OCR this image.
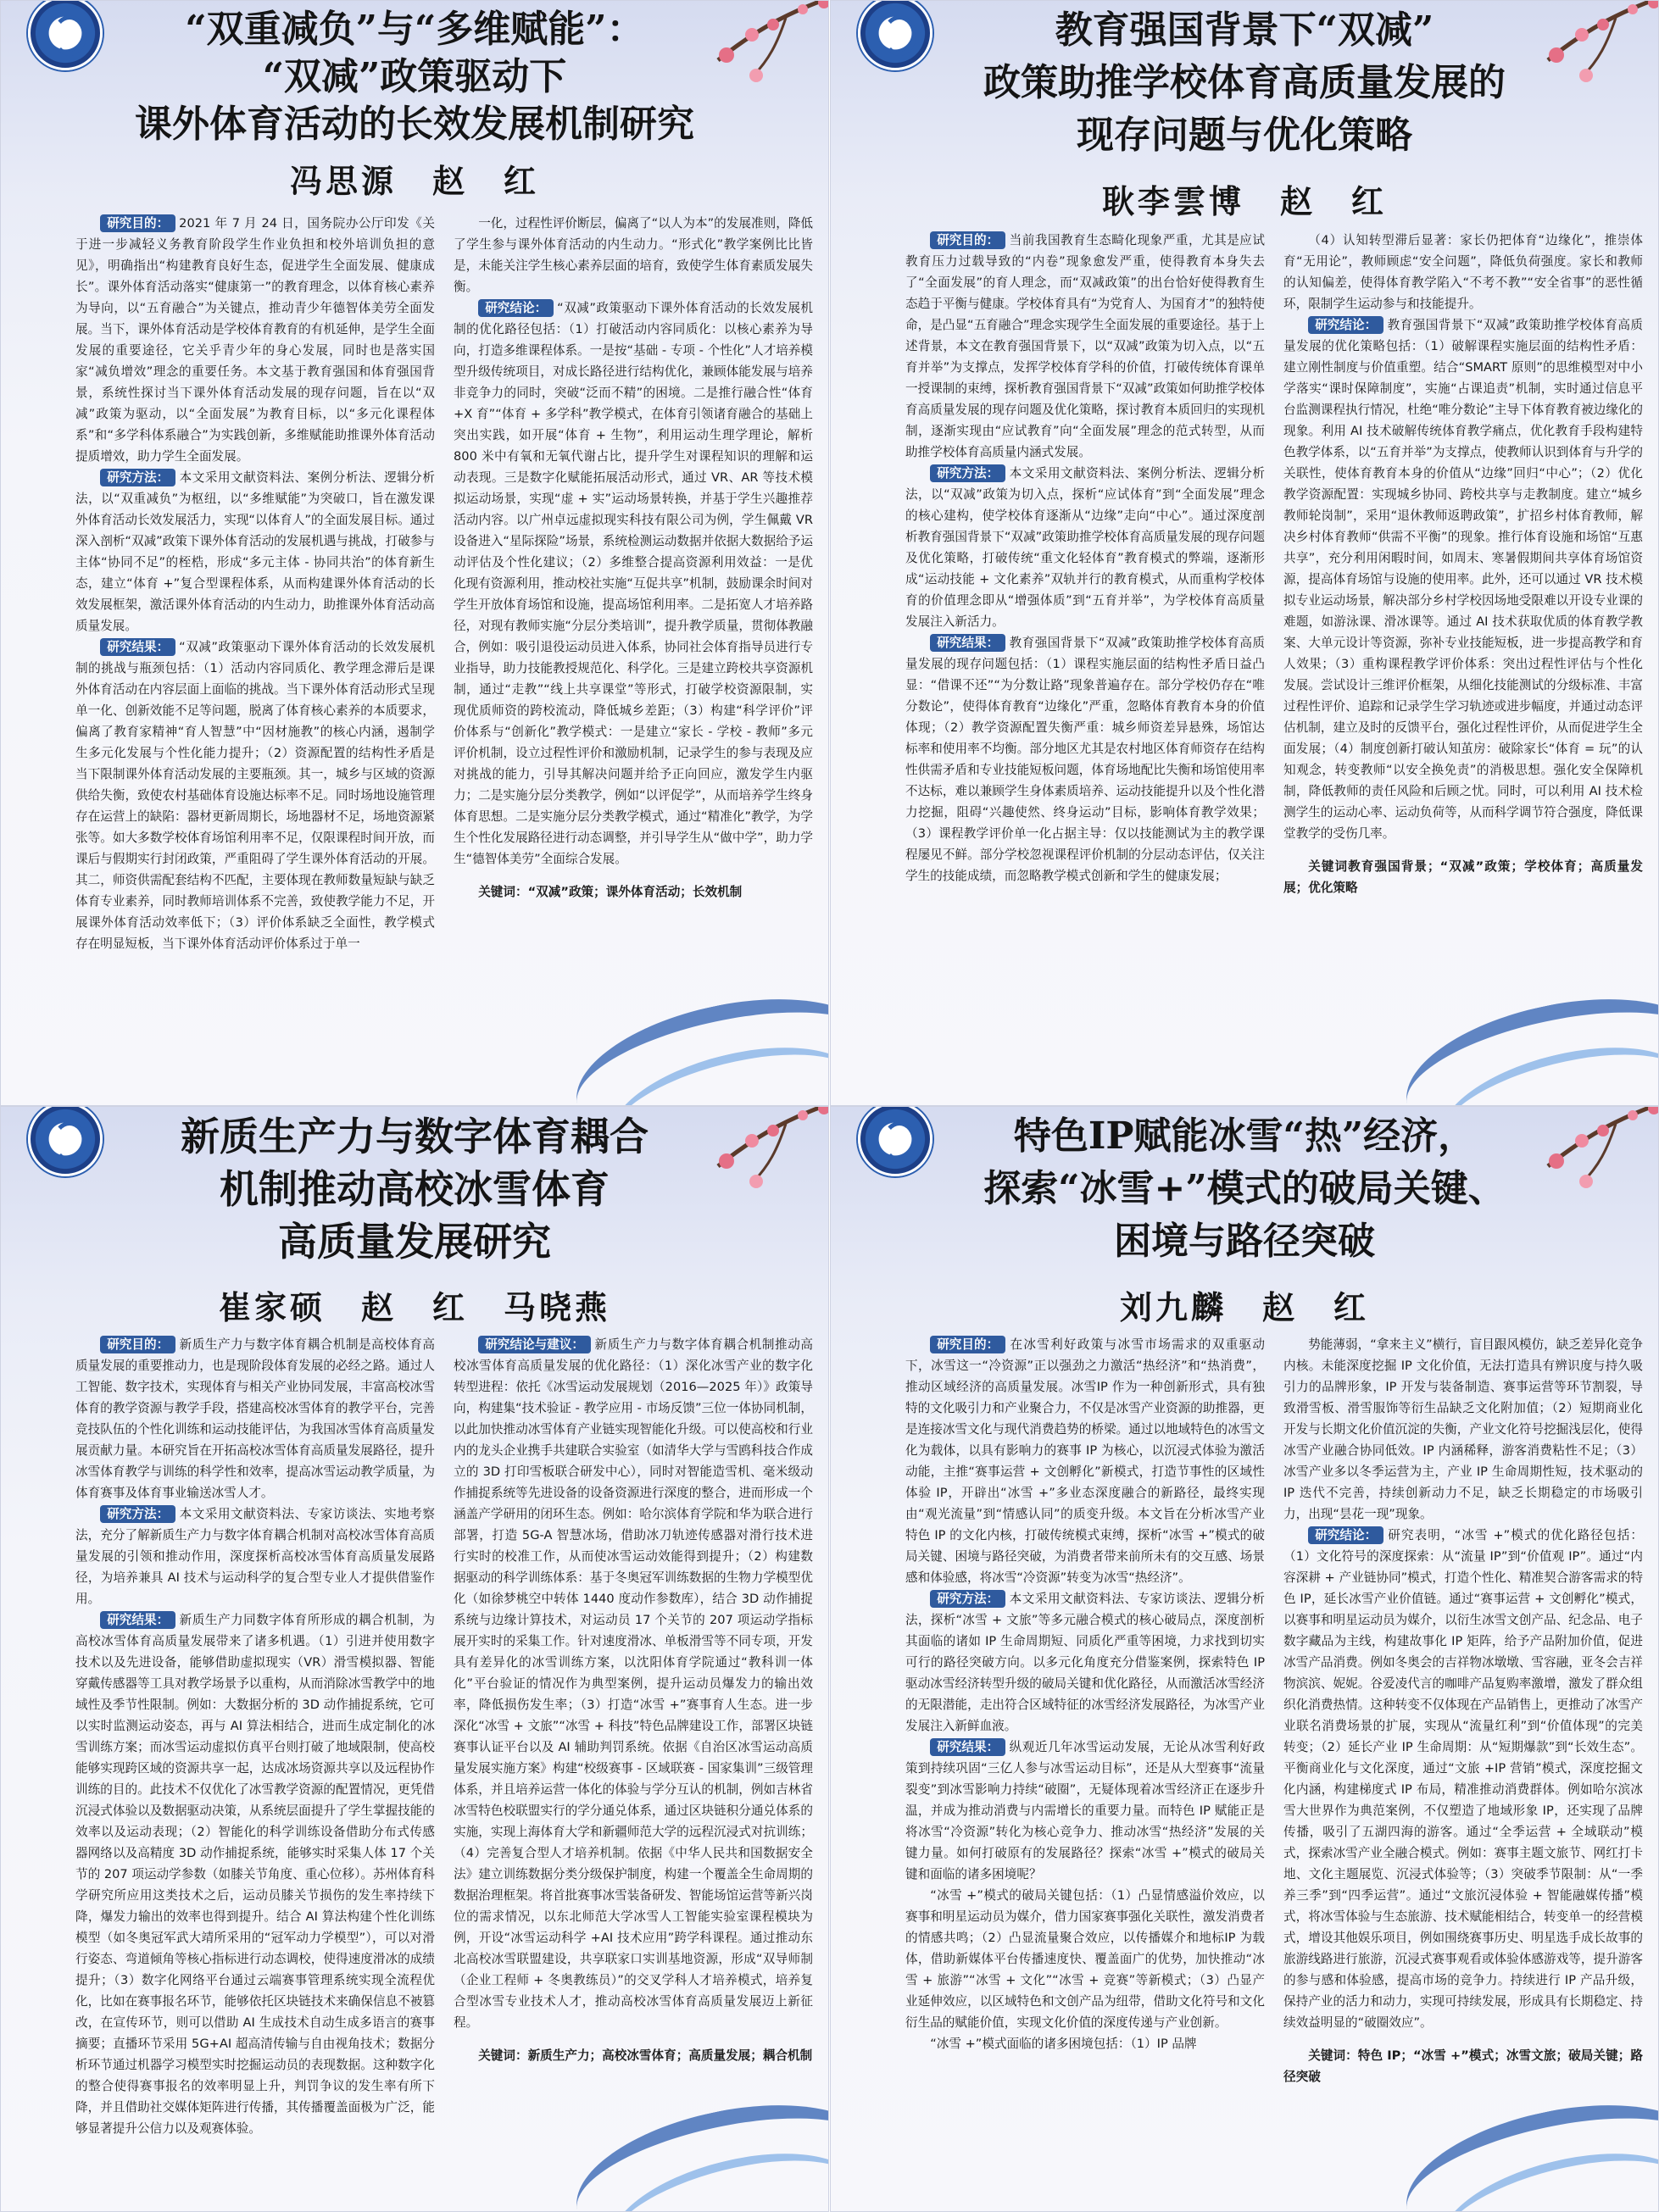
“双重减负”与“多维赋能”：
“双减”政策驱动下
课外体育活动的长效发展机制研究
冯思源　赵　红

研究目的： 2021 年 7 月 24 日，国务院办公厅印发《关于进一步减轻义务教育阶段学生作业负担和校外培训负担的意见》，明确指出“构建教育良好生态，促进学生全面发展、健康成长”。课外体育活动落实“健康第一”的教育理念，以体育核心素养为导向，以“五育融合”为关键点，推动青少年德智体美劳全面发展。当下，课外体育活动是学校体育教育的有机延伸，是学生全面发展的重要途径，它关乎青少年的身心发展，同时也是落实国家“减负增效”理念的重要任务。本文基于教育强国和体育强国背景，系统性探讨当下课外体育活动发展的现存问题，旨在以“双减”政策为驱动，以“全面发展”为教育目标，以“多元化课程体系”和“多学科体系融合”为实践创新，多维赋能助推课外体育活动提质增效，助力学生全面发展。

研究方法： 本文采用文献资料法、案例分析法、逻辑分析法，以“双重减负”为枢纽，以“多维赋能”为突破口，旨在激发课外体育活动长效发展活力，实现“以体育人”的全面发展目标。通过深入剖析“双减”政策下课外体育活动的发展机遇与挑战，打破参与主体“协同不足”的桎梏，形成“多元主体 - 协同共治”的体育新生态，建立“体育 +”复合型课程体系，从而构建课外体育活动的长效发展框架，激活课外体育活动的内生动力，助推课外体育活动高质量发展。

研究结果： “双减”政策驱动下课外体育活动的长效发展机制的挑战与瓶颈包括：（1）活动内容同质化、教学理念滞后是课外体育活动在内容层面上面临的挑战。当下课外体育活动形式呈现单一化、创新效能不足等问题，脱离了体育核心素养的本质要求，偏离了教育家精神“育人智慧”中“因材施教”的核心内涵，遏制学生多元化发展与个性化能力提升；（2）资源配置的结构性矛盾是当下限制课外体育活动发展的主要瓶颈。其一，城乡与区域的资源供给失衡，致使农村基础体育设施达标率不足。同时场地设施管理存在运营上的缺陷：器材更新周期长，场地器材不足，场地资源紧张等。如大多数学校体育场馆利用率不足，仅限课程时间开放，而课后与假期实行封闭政策，严重阻碍了学生课外体育活动的开展。其二，师资供需配套结构不匹配，主要体现在教师数量短缺与缺乏体育专业素养，同时教师培训体系不完善，致使教学能力不足，开展课外体育活动效率低下；（3）评价体系缺乏全面性，教学模式存在明显短板，当下课外体育活动评价体系过于单一

一化，过程性评价断层，偏离了“以人为本”的发展准则，降低了学生参与课外体育活动的内生动力。“形式化”教学案例比比皆是，未能关注学生核心素养层面的培育，致使学生体育素质发展失衡。

研究结论： “双减”政策驱动下课外体育活动的长效发展机制的优化路径包括：（1）打破活动内容同质化：以核心素养为导向，打造多维课程体系。一是按“基础 - 专项 - 个性化”人才培养模型升级传统项目，对成长路径进行结构优化，兼顾体能发展与培养非竞争力的同时，突破“泛而不精”的困境。二是推行融合性“体育 +X 育”“体育 + 多学科”教学模式，在体育引领诸育融合的基础上突出实践，如开展“体育 + 生物”，利用运动生理学理论，解析 800 米中有氧和无氧代谢占比，提升学生对课程知识的理解和运动表现。三是数字化赋能拓展活动形式，通过 VR、AR 等技术模拟运动场景，实现“虚 + 实”运动场景转换，并基于学生兴趣推荐活动内容。以广州卓远虚拟现实科技有限公司为例，学生佩戴 VR 设备进入“星际探险”场景，系统检测运动数据并依据大数据给予运动评估及个性化建议；（2）多维整合提高资源利用效益：一是优化现有资源利用，推动校社实施“互促共享”机制，鼓励课余时间对学生开放体育场馆和设施，提高场馆利用率。二是拓宽人才培养路径，对现有教师实施“分层分类培训”，提升教学质量，贯彻体教融合，例如：吸引退役运动员进入体系，协同社会体育指导员进行专业指导，助力技能教授规范化、科学化。三是建立跨校共享资源机制，通过“走教”“线上共享课堂”等形式，打破学校资源限制，实现优质师资的跨校流动，降低城乡差距；（3）构建“科学评价”评价体系与“创新化”教学模式：一是建立“家长 - 学校 - 教师”多元评价机制，设立过程性评价和激励机制，记录学生的参与表现及应对挑战的能力，引导其解决问题并给予正向回应，激发学生内驱力；二是实施分层分类教学，例如“以评促学”，从而培养学生终身体育思想。二是实施分层分类教学模式，通过“精准化”教学，为学生个性化发展路径进行动态调整，并引导学生从“做中学”，助力学生“德智体美劳”全面综合发展。

关键词：“双减”政策；课外体育活动；长效机制

教育强国背景下“双减”
政策助推学校体育高质量发展的
现存问题与优化策略
耿李雲博　赵　红

研究目的： 当前我国教育生态畸化现象严重，尤其是应试教育压力过载导致的“内卷”现象愈发严重，使得教育本身失去了“全面发展”的育人理念，而“双减政策”的出台恰好使得教育生态趋于平衡与健康。学校体育具有“为党育人、为国育才”的独特使命，是凸显“五育融合”理念实现学生全面发展的重要途径。基于上述背景，本文在教育强国背景下，以“双减”政策为切入点，以“五育并举”为支撑点，发挥学校体育学科的价值，打破传统体育课单一授课制的束缚，探析教育强国背景下“双减”政策如何助推学校体育高质量发展的现存问题及优化策略，探讨教育本质回归的实现机制，逐渐实现由“应试教育”向“全面发展”理念的范式转型，从而助推学校体育高质量内涵式发展。

研究方法： 本文采用文献资料法、案例分析法、逻辑分析法，以“双减”政策为切入点，探析“应试体育”到“全面发展”理念的核心建构，使学校体育逐渐从“边缘”走向“中心”。通过深度剖析教育强国背景下“双减”政策助推学校体育高质量发展的现存问题及优化策略，打破传统“重文化轻体育”教育模式的弊端，逐渐形成“运动技能 + 文化素养”双轨并行的教育模式，从而重构学校体育的价值理念即从“增强体质”到“五育并举”，为学校体育高质量发展注入新活力。

研究结果： 教育强国背景下“双减”政策助推学校体育高质量发展的现存问题包括：（1）课程实施层面的结构性矛盾日益凸显：“借课不还”“为分数让路”现象普遍存在。部分学校仍存在“唯分数论”，使得体育教育“边缘化”严重，忽略体育教育本身的价值体现；（2）教学资源配置失衡严重：城乡师资差异悬殊，场馆达标率和使用率不均衡。部分地区尤其是农村地区体育师资存在结构性供需矛盾和专业技能短板问题，体育场地配比失衡和场馆使用率不达标，难以兼顾学生身体素质培养、运动技能提升以及个性化潜力挖掘，阻碍“兴趣使然、终身运动”目标，影响体育教学效果；（3）课程教学评价单一化占据主导：仅以技能测试为主的教学课程屡见不鲜。部分学校忽视课程评价机制的分层动态评估，仅关注学生的技能成绩，而忽略教学模式创新和学生的健康发展；

（4）认知转型滞后显著：家长仍把体育“边缘化”，推崇体育“无用论”，教师顾虑“安全问题”，降低负荷强度。家长和教师的认知偏差，使得体育教学陷入“不考不教”“安全省事”的恶性循环，限制学生运动参与和技能提升。

研究结论： 教育强国背景下“双减”政策助推学校体育高质量发展的优化策略包括：（1）破解课程实施层面的结构性矛盾：建立刚性制度与价值重塑。结合“SMART 原则”的思维模型对中小学落实“课时保障制度”，实施“占课追责”机制，实时通过信息平台监测课程执行情况，杜绝“唯分数论”主导下体育教育被边缘化的现象。利用 AI 技术破解传统体育教学痛点，优化教育手段构建特色教学体系，以“五育并举”为支撑点，使教师认识到体育与升学的关联性，使体育教育本身的价值从“边缘”回归“中心”；（2）优化教学资源配置：实现城乡协同、跨校共享与走教制度。建立“城乡教师轮岗制”，采用“退休教师返聘政策”，扩招乡村体育教师，解决乡村体育教师“供需不平衡”的现象。推行体育设施和场馆“互惠共享”，充分利用闲暇时间，如周末、寒暑假期间共享体育场馆资源，提高体育场馆与设施的使用率。此外，还可以通过 VR 技术模拟专业运动场景，解决部分乡村学校因场地受限难以开设专业课的难题，如游泳课、滑冰课等。通过 AI 技术获取优质的体育教学教案、大单元设计等资源，弥补专业技能短板，进一步提高教学和育人效果；（3）重构课程教学评价体系：突出过程性评估与个性化发展。尝试设计三维评价框架，从细化技能测试的分级标准、丰富过程性评价、追踪和记录学生学习轨迹或进步幅度，并通过动态评估机制，建立及时的反馈平台，强化过程性评价，从而促进学生全面发展；（4）制度创新打破认知茧房：破除家长“体育 = 玩”的认知观念，转变教师“以安全换免责”的消极思想。强化安全保障机制，降低教师的责任风险和后顾之忧。同时，可以利用 AI 技术检测学生的运动心率、运动负荷等，从而科学调节符合强度，降低课堂教学的受伤几率。

关键词教育强国背景；“双减”政策；学校体育；高质量发展；优化策略

新质生产力与数字体育耦合
机制推动高校冰雪体育
高质量发展研究
崔家硕　赵　红　马晓燕

研究目的： 新质生产力与数字体育耦合机制是高校体育高质量发展的重要推动力，也是现阶段体育发展的必经之路。通过人工智能、数字技术，实现体育与相关产业协同发展，丰富高校冰雪体育的教学资源与教学手段，搭建高校冰雪体育的教学平台，完善竞技队伍的个性化训练和运动技能评估，为我国冰雪体育高质量发展贡献力量。本研究旨在开拓高校冰雪体育高质量发展路径，提升冰雪体育教学与训练的科学性和效率，提高冰雪运动教学质量，为体育赛事及体育事业输送冰雪人才。

研究方法： 本文采用文献资料法、专家访谈法、实地考察法，充分了解新质生产力与数字体育耦合机制对高校冰雪体育高质量发展的引领和推动作用，深度探析高校冰雪体育高质量发展路径，为培养兼具 AI 技术与运动科学的复合型专业人才提供借鉴作用。

研究结果： 新质生产力同数字体育所形成的耦合机制，为高校冰雪体育高质量发展带来了诸多机遇。（1）引进并使用数字技术以及先进设备，能够借助虚拟现实（VR）滑雪模拟器、智能穿戴传感器等工具对教学场景予以重构，从而消除冰雪教学中的地域性及季节性限制。例如：大数据分析的 3D 动作捕捉系统，它可以实时监测运动姿态，再与 AI 算法相结合，进而生成定制化的冰雪训练方案；而冰雪运动虚拟仿真平台则打破了地域限制，使高校能够实现跨区域的资源共享一起，达成冰场资源共享以及远程协作训练的目的。此技术不仅优化了冰雪教学资源的配置情况，更凭借沉浸式体验以及数据驱动决策，从系统层面提升了学生掌握技能的效率以及运动表现；（2）智能化的科学训练设备借助分布式传感器网络以及高精度 3D 动作捕捉系统，能够实时采集人体 17 个关节的 207 项运动学参数（如膝关节角度、重心位移）。苏州体育科学研究所应用这类技术之后，运动员膝关节损伤的发生率持续下降，爆发力输出的效率也得到提升。结合 AI 算法构建个性化训练模型（如冬奥冠军武大靖所采用的“冠军动力学模型”），可以对滑行姿态、弯道倾角等核心指标进行动态调校，使得速度滑冰的成绩提升；（3）数字化网络平台通过云端赛事管理系统实现全流程优化，比如在赛事报名环节，能够依托区块链技术来确保信息不被篡改，在宣传环节，则可以借助 AI 生成技术自动生成多语言的赛事摘要；直播环节采用 5G+AI 超高清传输与自由视角技术；数据分析环节通过机器学习模型实时挖掘运动员的表现数据。这种数字化的整合使得赛事报名的效率明显上升，判罚争议的发生率有所下降，并且借助社交媒体矩阵进行传播，其传播覆盖面极为广泛，能够显著提升公信力以及观赛体验。

研究结论与建议： 新质生产力与数字体育耦合机制推动高校冰雪体育高质量发展的优化路径：（1）深化冰雪产业的数字化转型进程：依托《冰雪运动发展规划（2016—2025 年）》政策导向，构建集“技术验证 - 教学应用 - 市场反馈”三位一体协同机制，以此加快推动冰雪体育产业链实现智能化升级。可以使高校和行业内的龙头企业携手共建联合实验室（如清华大学与雪鸥科技合作成立的 3D 打印雪板联合研发中心），同时对智能造雪机、毫米级动作捕捉系统等先进设备的设备资源进行深度的整合，进而形成一个涵盖产学研用的闭环生态。例如：哈尔滨体育学院和华为联合进行部署，打造 5G-A 智慧冰场，借助冰刀轨迹传感器对滑行技术进行实时的校准工作，从而使冰雪运动效能得到提升；（2）构建数据驱动的科学训练体系：基于冬奥冠军训练数据的生物力学模型优化（如徐梦桃空中转体 1440 度动作参数库），结合 3D 动作捕捉系统与边缘计算技术，对运动员 17 个关节的 207 项运动学指标展开实时的采集工作。针对速度滑冰、单板滑雪等不同专项，开发具有差异化的冰雪训练方案，以沈阳体育学院通过“教科训一体化”平台验证的情况作为典型案例，提升运动员爆发力的输出效率，降低损伤发生率；（3）打造“冰雪 +”赛事育人生态。进一步深化“冰雪 + 文旅”“冰雪 + 科技”特色品牌建设工作，部署区块链赛事认证平台以及 AI 辅助判罚系统。依据《自治区冰雪运动高质量发展实施方案》构建“校级赛事 - 区域联赛 - 国家集训”三级管理体系，并且培养运营一体化的体验与学分互认的机制，例如吉林省冰雪特色校联盟实行的学分通兑体系，通过区块链积分通兑体系的实施，实现上海体育大学和新疆师范大学的远程沉浸式对抗训练；（4）完善复合型人才培养机制。依据《中华人民共和国数据安全法》建立训练数据分类分级保护制度，构建一个覆盖全生命周期的数据治理框架。将首批赛事冰雪装备研发、智能场馆运营等新兴岗位的需求情况，以东北师范大学冰雪人工智能实验室课程模块为例，开设“冰雪运动科学 +AI 技术应用”跨学科课程。通过推动东北高校冰雪联盟建设，共享联家口实训基地资源，形成“双导师制（企业工程师 + 冬奥教练员）”的交叉学科人才培养模式，培养复合型冰雪专业技术人才，推动高校冰雪体育高质量发展迈上新征程。

关键词：新质生产力；高校冰雪体育；高质量发展；耦合机制

特色IP赋能冰雪“热”经济，
探索“冰雪+”模式的破局关键、
困境与路径突破
刘九麟　赵　红

研究目的： 在冰雪利好政策与冰雪市场需求的双重驱动下，冰雪这一“冷资源”正以强劲之力激活“热经济”和“热消费”，推动区域经济的高质量发展。冰雪IP 作为一种创新形式，具有独特的文化吸引力和产业聚合力，不仅是冰雪产业资源的助推器，更是连接冰雪文化与现代消费趋势的桥梁。通过以地域特色的冰雪文化为载体，以具有影响力的赛事 IP 为核心，以沉浸式体验为激活动能，主推“赛事运营 + 文创孵化”新模式，打造节事性的区域性体验 IP，开辟出“冰雪 +”多业态深度融合的新路径，最终实现由“观光流量”到“情感认同”的质变升级。本文旨在分析冰雪产业特色 IP 的文化内核，打破传统模式束缚，探析“冰雪 +”模式的破局关键、困境与路径突破，为消费者带来前所未有的交互感、场景感和体验感，将冰雪“冷资源”转变为冰雪“热经济”。

研究方法： 本文采用文献资料法、专家访谈法、逻辑分析法，探析“冰雪 + 文旅”等多元融合模式的核心破局点，深度剖析其面临的诸如 IP 生命周期短、同质化严重等困境，力求找到切实可行的路径突破方向。以多元化角度充分借鉴案例，探索特色 IP 驱动冰雪经济转型升级的破局关键和优化路径，从而激活冰雪经济的无限潜能，走出符合区域特征的冰雪经济发展路径，为冰雪产业发展注入新鲜血液。

研究结果： 纵观近几年冰雪运动发展，无论从冰雪利好政策到持续巩固“三亿人参与冰雪运动目标”，还是从大型赛事“流量裂变”到冰雪影响力持续“破圈”，无疑体现着冰雪经济正在逐步升温，并成为推动消费与内需增长的重要力量。而特色 IP 赋能正是将冰雪“冷资源”转化为核心竞争力、推动冰雪“热经济”发展的关键力量。如何打破原有的发展路径？探索“冰雪 +”模式的破局关键和面临的诸多困境呢？

“冰雪 +”模式的破局关键包括：（1）凸显情感溢价效应，以赛事和明星运动员为媒介，借力国家赛事强化关联性，激发消费者的情感共鸣；（2）凸显流量聚合效应，以传播媒介和地标IP 为载体，借助新媒体平台传播速度快、覆盖面广的优势，加快推动“冰雪 + 旅游”“冰雪 + 文化”“冰雪 + 竞赛”等新模式；（3）凸显产业延伸效应，以区域特色和文创产品为纽带，借助文化符号和文化衍生品的赋能价值，实现文化价值的深度传递与产业创新。

“冰雪 +”模式面临的诸多困境包括：（1）IP 品牌

势能薄弱，“拿来主义”横行，盲目跟风模仿，缺乏差异化竞争内核。未能深度挖掘 IP 文化价值，无法打造具有辨识度与持久吸引力的品牌形象，IP 开发与装备制造、赛事运营等环节割裂，导致滑雪板、滑雪服饰等衍生品缺乏文化附加值；（2）短期商业化开发与长期文化价值沉淀的失衡，产业文化符号挖掘浅层化，使得冰雪产业融合协同低效。IP 内涵稀释，游客消费粘性不足；（3）冰雪产业多以冬季运营为主，产业 IP 生命周期性短，技术驱动的 IP 迭代不完善，持续创新动力不足，缺乏长期稳定的市场吸引力，出现“昙花一现”现象。

研究结论： 研究表明，“冰雪 +”模式的优化路径包括：（1）文化符号的深度探索：从“流量 IP”到“价值观 IP”。通过“内容深耕 + 产业链协同”模式，打造个性化、精准契合游客需求的特色 IP，延长冰雪产业价值链。通过“赛事运营 + 文创孵化”模式，以赛事和明星运动员为媒介，以衍生冰雪文创产品、纪念品、电子数字藏品为主线，构建故事化 IP 矩阵，给予产品附加价值，促进冰雪产品消费。例如冬奥会的吉祥物冰墩墩、雪容融，亚冬会吉祥物滨滨、妮妮。谷爱凌代言的咖啡产品复购率激增，激发了群众组织化消费热情。这种转变不仅体现在产品销售上，更推动了冰雪产业联名消费场景的扩展，实现从“流量红利”到“价值体现”的完美转变；（2）延长产业 IP 生命周期：从“短期爆款”到“长效生态”。平衡商业化与文化深度，通过“文旅 +IP 营销”模式，深度挖掘文化内涵，构建梯度式 IP 布局，精准推动消费群体。例如哈尔滨冰雪大世界作为典范案例，不仅塑造了地域形象 IP，还实现了品牌传播，吸引了五湖四海的游客。通过“全季运营 + 全域联动”模式，探索冰雪产业全融合模式。例如：赛事主题文旅节、网红打卡地、文化主题展览、沉浸式体验等；（3）突破季节限制：从“一季养三季”到“四季运营”。通过“文旅沉浸体验 + 智能融媒传播”模式，将冰雪体验与生态旅游、技术赋能相结合，转变单一的经营模式，增设其他娱乐项目，例如围绕赛事历史、明星选手成长故事的旅游线路进行旅游，沉浸式赛事观看或体验体感游戏等，提升游客的参与感和体验感，提高市场的竞争力。持续进行 IP 产品升级，保持产业的活力和动力，实现可持续发展，形成具有长期稳定、持续效益明显的“破圈效应”。

关键词：特色 IP；“冰雪 +”模式；冰雪文旅；破局关键；路径突破
